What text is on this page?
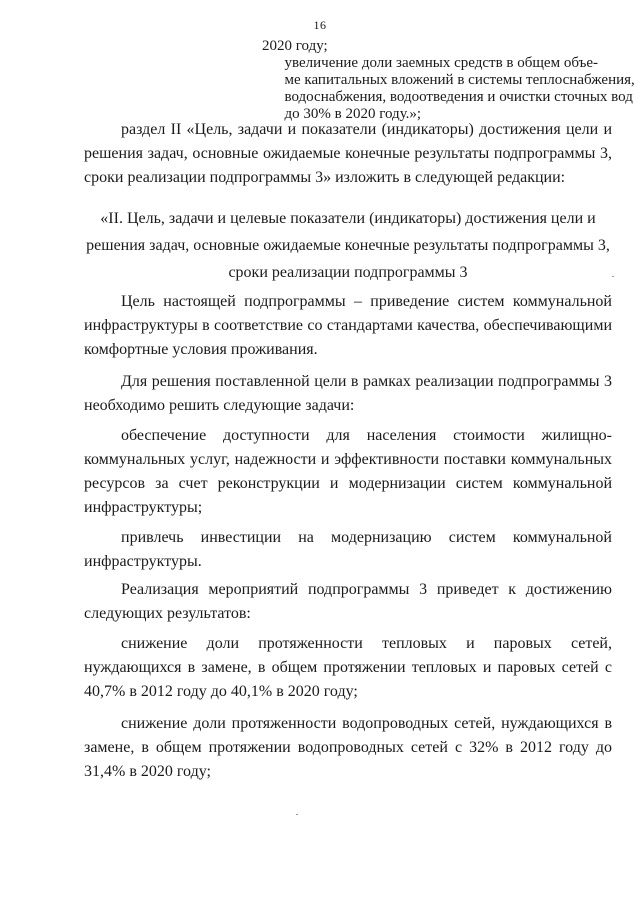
16
2020 году;
увеличение доли заемных средств в общем объе-
ме капитальных вложений в системы теплоснабжения,
водоснабжения, водоотведения и очистки сточных вод
до 30% в 2020 году.»;

раздел II «Цель, задачи и показатели (индикаторы) достижения цели и решения задач, основные ожидаемые конечные результаты подпрограммы 3, сроки реализации подпрограммы 3» изложить в следующей редакции:

«II. Цель, задачи и целевые показатели (индикаторы) достижения цели и решения задач, основные ожидаемые конечные результаты подпрограммы 3, сроки реализации подпрограммы 3

Цель настоящей подпрограммы – приведение систем коммунальной инфраструктуры в соответствие со стандартами качества, обеспечивающими комфортные условия проживания.

Для решения поставленной цели в рамках реализации подпрограммы 3 необходимо решить следующие задачи:

обеспечение доступности для населения стоимости жилищно-коммунальных услуг, надежности и эффективности поставки коммунальных ресурсов за счет реконструкции и модернизации систем коммунальной инфраструктуры;

привлечь инвестиции на модернизацию систем коммунальной инфраструктуры.

Реализация мероприятий подпрограммы 3 приведет к достижению следующих результатов:

снижение доли протяженности тепловых и паровых сетей, нуждающихся в замене, в общем протяжении тепловых и паровых сетей с 40,7% в 2012 году до 40,1% в 2020 году;

снижение доли протяженности водопроводных сетей, нуждающихся в замене, в общем протяжении водопроводных сетей с 32% в 2012 году до 31,4% в 2020 году;
